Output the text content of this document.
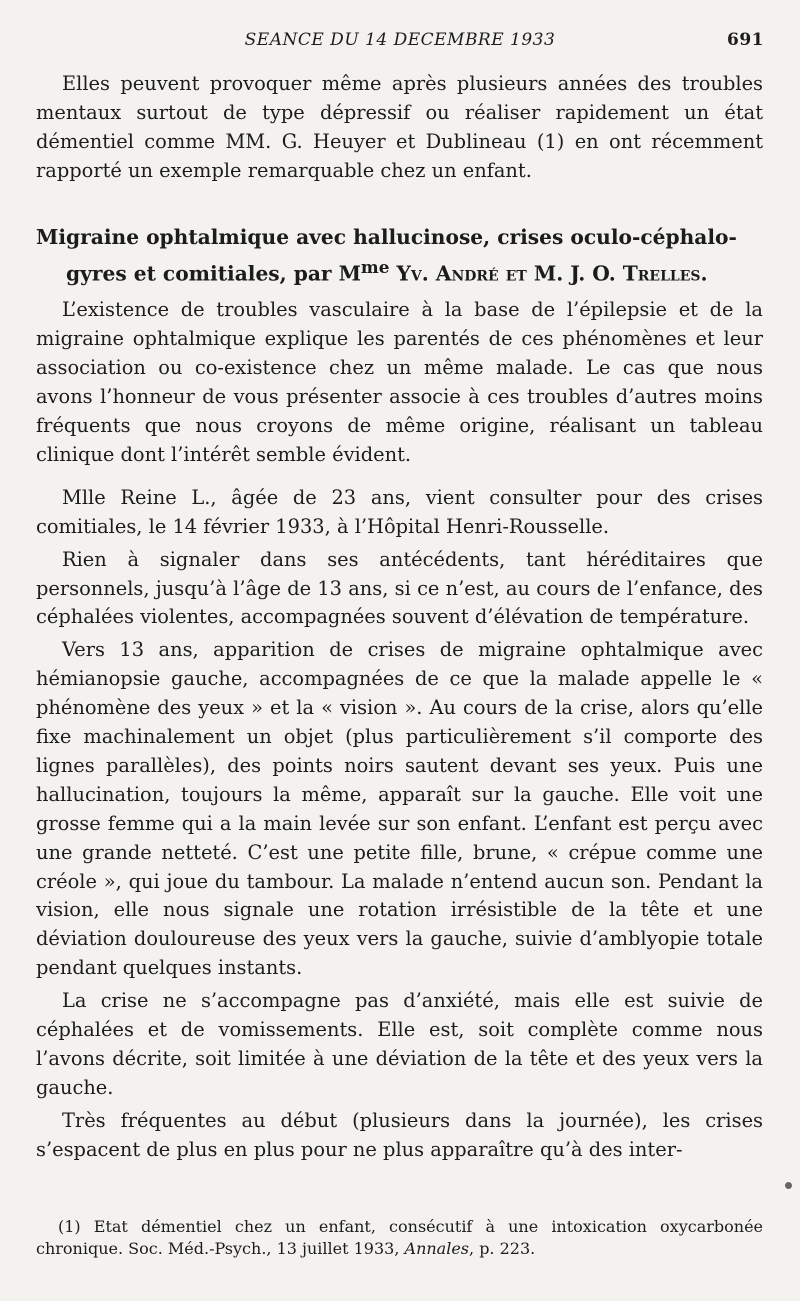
SEANCE DU 14 DECEMBRE 1933	691

Elles peuvent provoquer même après plusieurs années des troubles mentaux surtout de type dépressif ou réaliser rapidement un état démentiel comme MM. G. Heuyer et Dublineau (1) en ont récemment rapporté un exemple remarquable chez un enfant.

Migraine ophtalmique avec hallucinose, crises oculo-céphalo-
gyres et comitiales, par $M^{me}$ Yv. André et M. J. O. Trelles.

L’existence de troubles vasculaire à la base de l’épilepsie et de la migraine ophtalmique explique les parentés de ces phénomènes et leur association ou co-existence chez un même malade. Le cas que nous avons l’honneur de vous présenter associe à ces troubles d’autres moins fréquents que nous croyons de même origine, réalisant un tableau clinique dont l’intérêt semble évident.

Mlle Reine L., âgée de 23 ans, vient consulter pour des crises comitiales, le 14 février 1933, à l’Hôpital Henri-Rousselle.

Rien à signaler dans ses antécédents, tant héréditaires que personnels, jusqu’à l’âge de 13 ans, si ce n’est, au cours de l’enfance, des céphalées violentes, accompagnées souvent d’élévation de température.

Vers 13 ans, apparition de crises de migraine ophtalmique avec hémianopsie gauche, accompagnées de ce que la malade appelle le « phénomène des yeux » et la « vision ». Au cours de la crise, alors qu’elle fixe machinalement un objet (plus particulièrement s’il comporte des lignes parallèles), des points noirs sautent devant ses yeux. Puis une hallucination, toujours la même, apparaît sur la gauche. Elle voit une grosse femme qui a la main levée sur son enfant. L’enfant est perçu avec une grande netteté. C’est une petite fille, brune, « crépue comme une créole », qui joue du tambour. La malade n’entend aucun son. Pendant la vision, elle nous signale une rotation irrésistible de la tête et une déviation douloureuse des yeux vers la gauche, suivie d’amblyopie totale pendant quelques instants.

La crise ne s’accompagne pas d’anxiété, mais elle est suivie de céphalées et de vomissements. Elle est, soit complète comme nous l’avons décrite, soit limitée à une déviation de la tête et des yeux vers la gauche.

Très fréquentes au début (plusieurs dans la journée), les crises s’espacent de plus en plus pour ne plus apparaître qu’à des inter-

(1) Etat démentiel chez un enfant, consécutif à une intoxication oxycarbonée chronique. Soc. Méd.-Psych., 13 juillet 1933, Annales, p. 223.
